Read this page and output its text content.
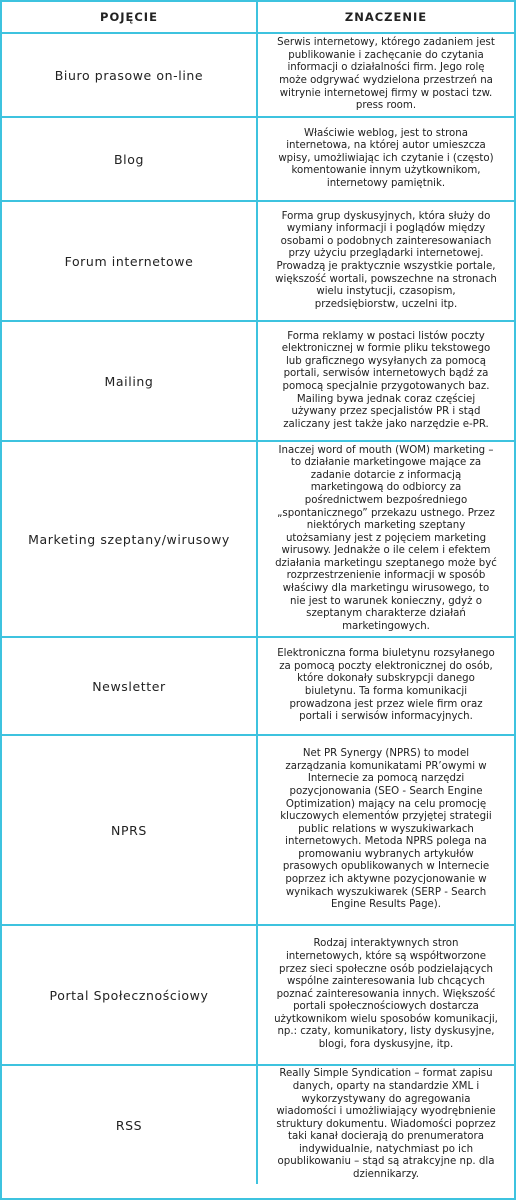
POJĘCIE	ZNACZENIE
Biuro prasowe on-line
Serwis internetowy, którego zadaniem jest publikowanie i zachęcanie do czytania informacji o działalności firm. Jego rolę może odgrywać wydzielona przestrzeń na witrynie internetowej firmy w postaci tzw. press room.
Blog
Właściwie weblog, jest to strona internetowa, na której autor umieszcza wpisy, umożliwiając ich czytanie i (często) komentowanie innym użytkownikom, internetowy pamiętnik.
Forum internetowe
Forma grup dyskusyjnych, która służy do wymiany informacji i poglądów między osobami o podobnych zainteresowaniach przy użyciu przeglądarki internetowej. Prowadzą je praktycznie wszystkie portale, większość wortali, powszechne na stronach wielu instytucji, czasopism, przedsiębiorstw, uczelni itp.
Mailing
Forma reklamy w postaci listów poczty elektronicznej w formie pliku tekstowego lub graficznego wysyłanych za pomocą portali, serwisów internetowych bądź za pomocą specjalnie przygotowanych baz. Mailing bywa jednak coraz częściej używany przez specjalistów PR i stąd zaliczany jest także jako narzędzie e-PR.
Marketing szeptany/wirusowy
Inaczej word of mouth (WOM) marketing – to działanie marketingowe mające za zadanie dotarcie z informacją marketingową do odbiorcy za pośrednictwem bezpośredniego „spontanicznego” przekazu ustnego. Przez niektórych marketing szeptany utożsamiany jest z pojęciem marketing wirusowy. Jednakże o ile celem i efektem działania marketingu szeptanego może być rozprzestrzenienie informacji w sposób właściwy dla marketingu wirusowego, to nie jest to warunek konieczny, gdyż o szeptanym charakterze działań marketingowych.
Newsletter
Elektroniczna forma biuletynu rozsyłanego za pomocą poczty elektronicznej do osób, które dokonały subskrypcji danego biuletynu. Ta forma komunikacji prowadzona jest przez wiele firm oraz portali i serwisów informacyjnych.
NPRS
Net PR Synergy (NPRS) to model zarządzania komunikatami PR’owymi w Internecie za pomocą narzędzi pozycjonowania (SEO - Search Engine Optimization) mający na celu promocję kluczowych elementów przyjętej strategii public relations w wyszukiwarkach internetowych. Metoda NPRS polega na promowaniu wybranych artykułów prasowych opublikowanych w Internecie poprzez ich aktywne pozycjonowanie w wynikach wyszukiwarek (SERP - Search Engine Results Page).
Portal Społecznościowy
Rodzaj interaktywnych stron internetowych, które są współtworzone przez sieci społeczne osób podzielających wspólne zainteresowania lub chcących poznać zainteresowania innych. Większość portali społecznościowych dostarcza użytkownikom wielu sposobów komunikacji, np.: czaty, komunikatory, listy dyskusyjne, blogi, fora dyskusyjne, itp.
RSS
Really Simple Syndication – format zapisu danych, oparty na standardzie XML i wykorzystywany do agregowania wiadomości i umożliwiający wyodrębnienie struktury dokumentu. Wiadomości poprzez taki kanał docierają do prenumeratora indywidualnie, natychmiast po ich opublikowaniu – stąd są atrakcyjne np. dla dziennikarzy.
